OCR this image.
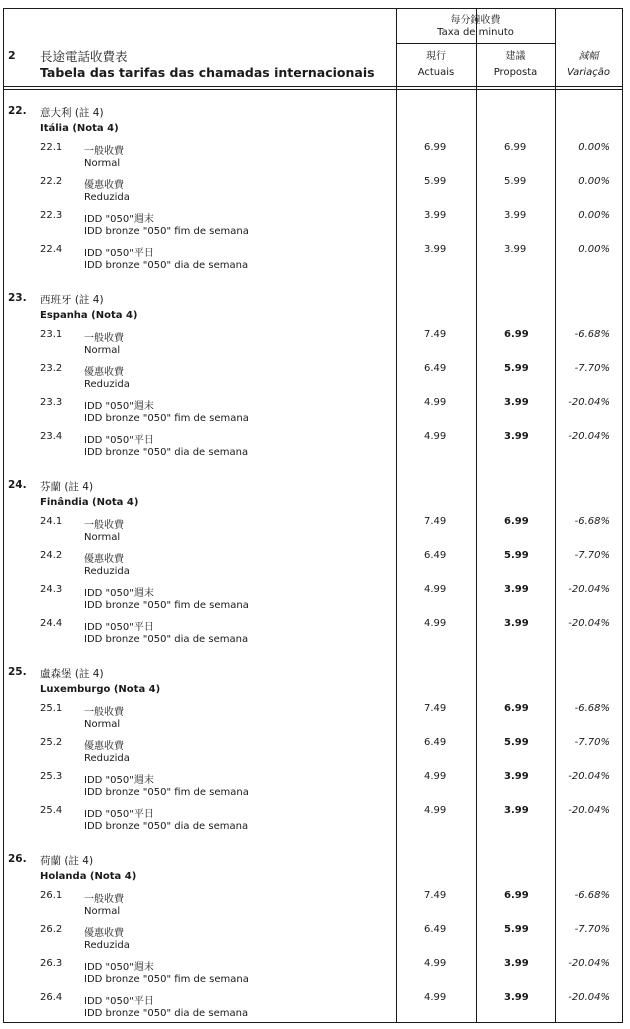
2 長途電話收費表
Tabela das tarifas das chamadas internacionais
每分鐘收費
Taxa de minuto
現行
Actuais
建議
Proposta
減幅
Variação
22. 意大利 (註 4)
Itália (Nota 4)
22.1 一般收費
Normal
6.99	6.99	0.00%
22.2 優惠收費
Reduzida
5.99	5.99	0.00%
22.3 IDD "050"週末
IDD bronze "050" fim de semana
3.99	3.99	0.00%
22.4 IDD "050"平日
IDD bronze "050" dia de semana
3.99	3.99	0.00%
23. 西班牙 (註 4)
Espanha (Nota 4)
23.1 一般收費
Normal
7.49	6.99	-6.68%
23.2 優惠收費
Reduzida
6.49	5.99	-7.70%
23.3 IDD "050"週末
IDD bronze "050" fim de semana
4.99	3.99	-20.04%
23.4 IDD "050"平日
IDD bronze "050" dia de semana
4.99	3.99	-20.04%
24. 芬蘭 (註 4)
Finândia (Nota 4)
24.1 一般收費
Normal
7.49	6.99	-6.68%
24.2 優惠收費
Reduzida
6.49	5.99	-7.70%
24.3 IDD "050"週末
IDD bronze "050" fim de semana
4.99	3.99	-20.04%
24.4 IDD "050"平日
IDD bronze "050" dia de semana
4.99	3.99	-20.04%
25. 盧森堡 (註 4)
Luxemburgo (Nota 4)
25.1 一般收費
Normal
7.49	6.99	-6.68%
25.2 優惠收費
Reduzida
6.49	5.99	-7.70%
25.3 IDD "050"週末
IDD bronze "050" fim de semana
4.99	3.99	-20.04%
25.4 IDD "050"平日
IDD bronze "050" dia de semana
4.99	3.99	-20.04%
26. 荷蘭 (註 4)
Holanda (Nota 4)
26.1 一般收費
Normal
7.49	6.99	-6.68%
26.2 優惠收費
Reduzida
6.49	5.99	-7.70%
26.3 IDD "050"週末
IDD bronze "050" fim de semana
4.99	3.99	-20.04%
26.4 IDD "050"平日
IDD bronze "050" dia de semana
4.99	3.99	-20.04%
